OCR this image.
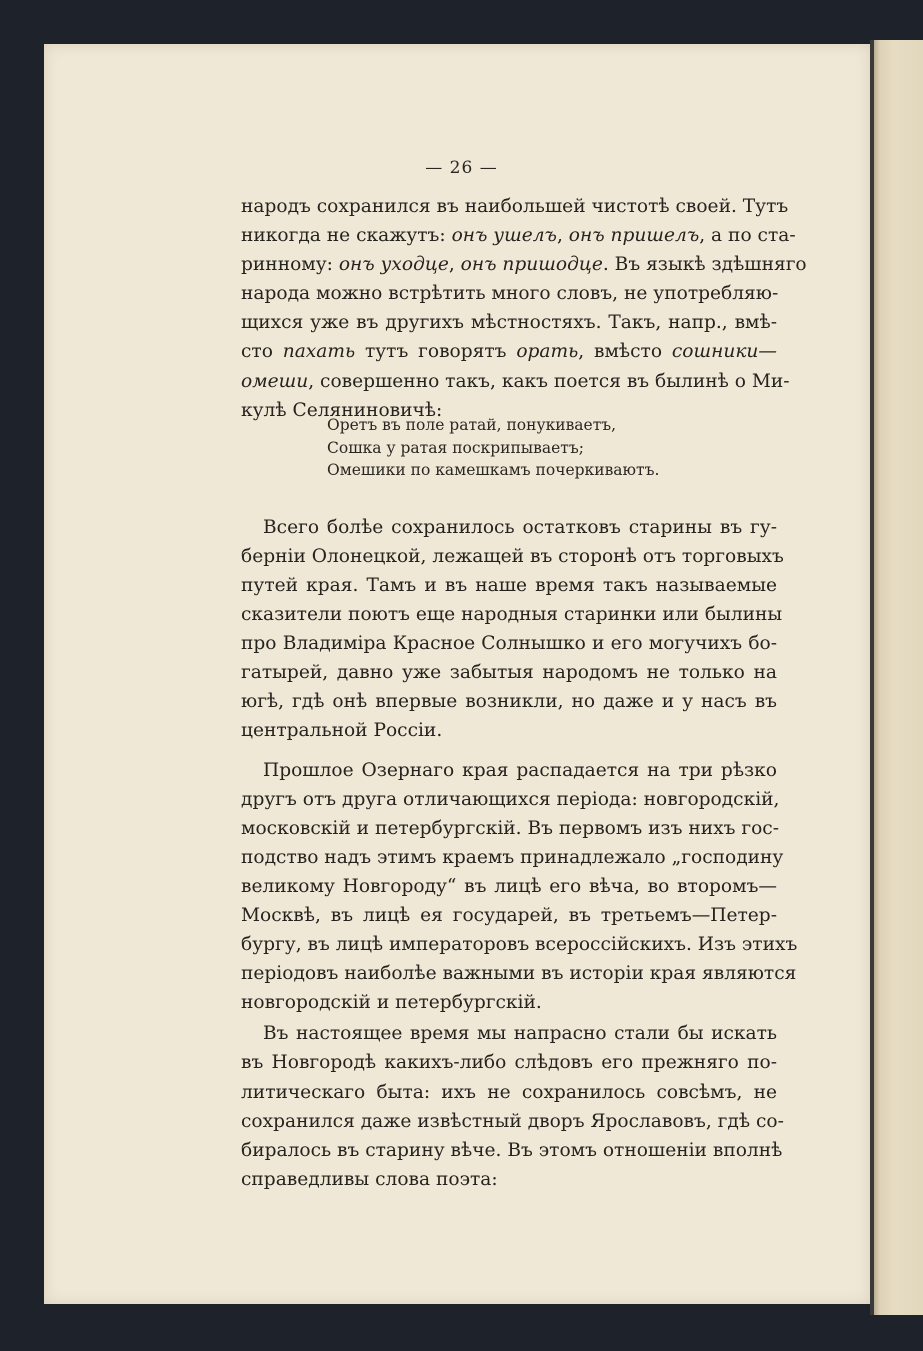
— 26 —
народъ сохранился въ наибольшей чистотѣ своей. Тутъ
никогда не скажутъ: онъ ушелъ, онъ пришелъ, а по ста-
ринному: онъ уходце, онъ пришодце. Въ языкѣ здѣшняго
народа можно встрѣтить много словъ, не употребляю-
щихся уже въ другихъ мѣстностяхъ. Такъ, напр., вмѣ-
сто пахать тутъ говорятъ орать, вмѣсто сошники—
омеши, совершенно такъ, какъ поется въ былинѣ о Ми-
кулѣ Селяниновичѣ:
Всего болѣе сохранилось остатковъ старины въ гу-
берніи Олонецкой, лежащей въ сторонѣ отъ торговыхъ
путей края. Тамъ и въ наше время такъ называемые
сказители поютъ еще народныя старинки или былины
про Владиміра Красное Солнышко и его могучихъ бо-
гатырей, давно уже забытыя народомъ не только на
югѣ, гдѣ онѣ впервые возникли, но даже и у насъ въ
центральной Россіи.
Прошлое Озернаго края распадается на три рѣзко
другъ отъ друга отличающихся періода: новгородскій,
московскій и петербургскій. Въ первомъ изъ нихъ гос-
подство надъ этимъ краемъ принадлежало „господину
великому Новгороду“ въ лицѣ его вѣча, во второмъ—
Москвѣ, въ лицѣ ея государей, въ третьемъ—Петер-
бургу, въ лицѣ императоровъ всероссійскихъ. Изъ этихъ
періодовъ наиболѣе важными въ исторіи края являются
новгородскій и петербургскій.
Въ настоящее время мы напрасно стали бы искать
въ Новгородѣ какихъ-либо слѣдовъ его прежняго по-
литическаго быта: ихъ не сохранилось совсѣмъ, не
сохранился даже извѣстный дворъ Ярославовъ, гдѣ со-
биралось въ старину вѣче. Въ этомъ отношеніи вполнѣ
справедливы слова поэта:
Оретъ въ поле ратай, понукиваетъ,
Сошка у ратая поскрипываетъ;
Омешики по камешкамъ почеркиваютъ.
